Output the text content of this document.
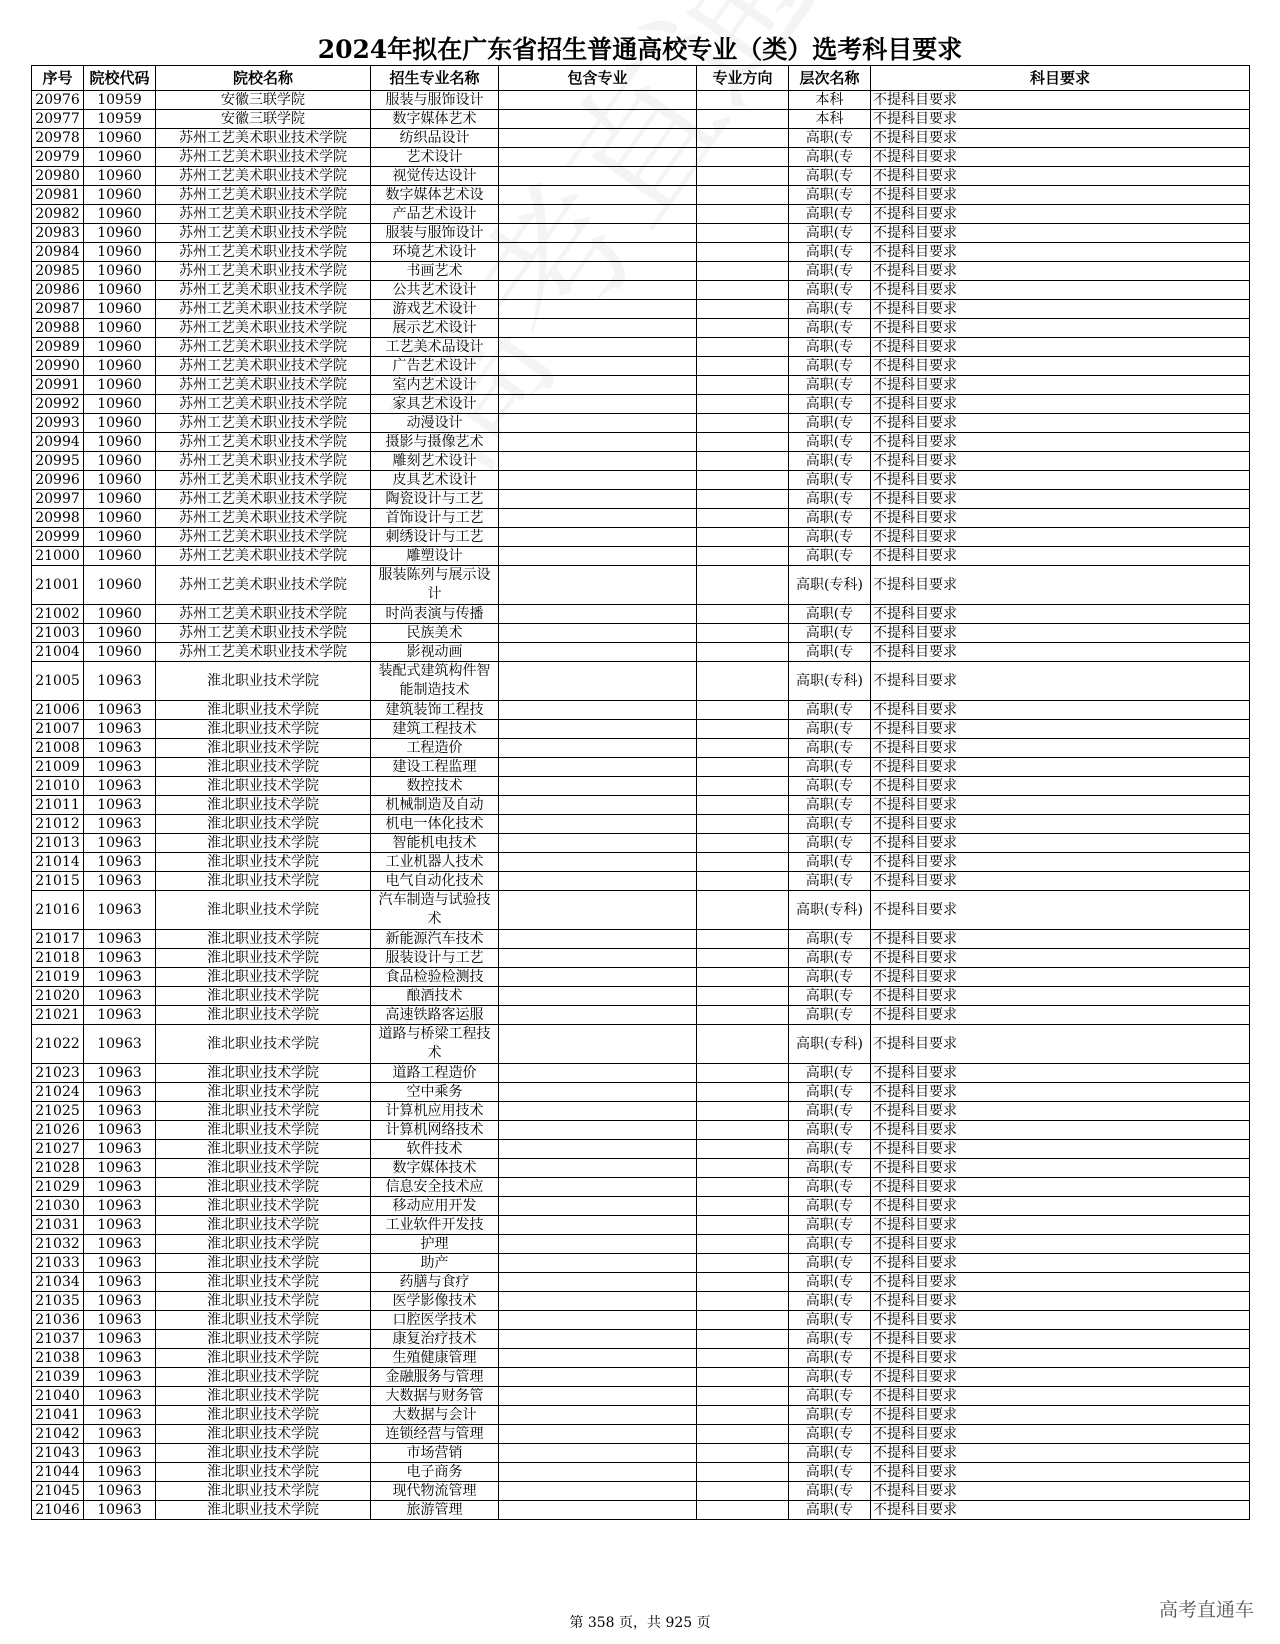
2024年拟在广东省招生普通高校专业（类）选考科目要求
序号	院校代码	院校名称	招生专业名称	包含专业	专业方向	层次名称	科目要求
20976	10959	安徽三联学院	服装与服饰设计			本科	不提科目要求
20977	10959	安徽三联学院	数字媒体艺术			本科	不提科目要求
20978	10960	苏州工艺美术职业技术学院	纺织品设计			高职(专	不提科目要求
20979	10960	苏州工艺美术职业技术学院	艺术设计			高职(专	不提科目要求
20980	10960	苏州工艺美术职业技术学院	视觉传达设计			高职(专	不提科目要求
20981	10960	苏州工艺美术职业技术学院	数字媒体艺术设			高职(专	不提科目要求
20982	10960	苏州工艺美术职业技术学院	产品艺术设计			高职(专	不提科目要求
20983	10960	苏州工艺美术职业技术学院	服装与服饰设计			高职(专	不提科目要求
20984	10960	苏州工艺美术职业技术学院	环境艺术设计			高职(专	不提科目要求
20985	10960	苏州工艺美术职业技术学院	书画艺术			高职(专	不提科目要求
20986	10960	苏州工艺美术职业技术学院	公共艺术设计			高职(专	不提科目要求
20987	10960	苏州工艺美术职业技术学院	游戏艺术设计			高职(专	不提科目要求
20988	10960	苏州工艺美术职业技术学院	展示艺术设计			高职(专	不提科目要求
20989	10960	苏州工艺美术职业技术学院	工艺美术品设计			高职(专	不提科目要求
20990	10960	苏州工艺美术职业技术学院	广告艺术设计			高职(专	不提科目要求
20991	10960	苏州工艺美术职业技术学院	室内艺术设计			高职(专	不提科目要求
20992	10960	苏州工艺美术职业技术学院	家具艺术设计			高职(专	不提科目要求
20993	10960	苏州工艺美术职业技术学院	动漫设计			高职(专	不提科目要求
20994	10960	苏州工艺美术职业技术学院	摄影与摄像艺术			高职(专	不提科目要求
20995	10960	苏州工艺美术职业技术学院	雕刻艺术设计			高职(专	不提科目要求
20996	10960	苏州工艺美术职业技术学院	皮具艺术设计			高职(专	不提科目要求
20997	10960	苏州工艺美术职业技术学院	陶瓷设计与工艺			高职(专	不提科目要求
20998	10960	苏州工艺美术职业技术学院	首饰设计与工艺			高职(专	不提科目要求
20999	10960	苏州工艺美术职业技术学院	刺绣设计与工艺			高职(专	不提科目要求
21000	10960	苏州工艺美术职业技术学院	雕塑设计			高职(专	不提科目要求
21001	10960	苏州工艺美术职业技术学院	服装陈列与展示设计			高职(专科)	不提科目要求
21002	10960	苏州工艺美术职业技术学院	时尚表演与传播			高职(专	不提科目要求
21003	10960	苏州工艺美术职业技术学院	民族美术			高职(专	不提科目要求
21004	10960	苏州工艺美术职业技术学院	影视动画			高职(专	不提科目要求
21005	10963	淮北职业技术学院	装配式建筑构件智能制造技术			高职(专科)	不提科目要求
21006	10963	淮北职业技术学院	建筑装饰工程技			高职(专	不提科目要求
21007	10963	淮北职业技术学院	建筑工程技术			高职(专	不提科目要求
21008	10963	淮北职业技术学院	工程造价			高职(专	不提科目要求
21009	10963	淮北职业技术学院	建设工程监理			高职(专	不提科目要求
21010	10963	淮北职业技术学院	数控技术			高职(专	不提科目要求
21011	10963	淮北职业技术学院	机械制造及自动			高职(专	不提科目要求
21012	10963	淮北职业技术学院	机电一体化技术			高职(专	不提科目要求
21013	10963	淮北职业技术学院	智能机电技术			高职(专	不提科目要求
21014	10963	淮北职业技术学院	工业机器人技术			高职(专	不提科目要求
21015	10963	淮北职业技术学院	电气自动化技术			高职(专	不提科目要求
21016	10963	淮北职业技术学院	汽车制造与试验技术			高职(专科)	不提科目要求
21017	10963	淮北职业技术学院	新能源汽车技术			高职(专	不提科目要求
21018	10963	淮北职业技术学院	服装设计与工艺			高职(专	不提科目要求
21019	10963	淮北职业技术学院	食品检验检测技			高职(专	不提科目要求
21020	10963	淮北职业技术学院	酿酒技术			高职(专	不提科目要求
21021	10963	淮北职业技术学院	高速铁路客运服			高职(专	不提科目要求
21022	10963	淮北职业技术学院	道路与桥梁工程技术			高职(专科)	不提科目要求
21023	10963	淮北职业技术学院	道路工程造价			高职(专	不提科目要求
21024	10963	淮北职业技术学院	空中乘务			高职(专	不提科目要求
21025	10963	淮北职业技术学院	计算机应用技术			高职(专	不提科目要求
21026	10963	淮北职业技术学院	计算机网络技术			高职(专	不提科目要求
21027	10963	淮北职业技术学院	软件技术			高职(专	不提科目要求
21028	10963	淮北职业技术学院	数字媒体技术			高职(专	不提科目要求
21029	10963	淮北职业技术学院	信息安全技术应			高职(专	不提科目要求
21030	10963	淮北职业技术学院	移动应用开发			高职(专	不提科目要求
21031	10963	淮北职业技术学院	工业软件开发技			高职(专	不提科目要求
21032	10963	淮北职业技术学院	护理			高职(专	不提科目要求
21033	10963	淮北职业技术学院	助产			高职(专	不提科目要求
21034	10963	淮北职业技术学院	药膳与食疗			高职(专	不提科目要求
21035	10963	淮北职业技术学院	医学影像技术			高职(专	不提科目要求
21036	10963	淮北职业技术学院	口腔医学技术			高职(专	不提科目要求
21037	10963	淮北职业技术学院	康复治疗技术			高职(专	不提科目要求
21038	10963	淮北职业技术学院	生殖健康管理			高职(专	不提科目要求
21039	10963	淮北职业技术学院	金融服务与管理			高职(专	不提科目要求
21040	10963	淮北职业技术学院	大数据与财务管			高职(专	不提科目要求
21041	10963	淮北职业技术学院	大数据与会计			高职(专	不提科目要求
21042	10963	淮北职业技术学院	连锁经营与管理			高职(专	不提科目要求
21043	10963	淮北职业技术学院	市场营销			高职(专	不提科目要求
21044	10963	淮北职业技术学院	电子商务			高职(专	不提科目要求
21045	10963	淮北职业技术学院	现代物流管理			高职(专	不提科目要求
21046	10963	淮北职业技术学院	旅游管理			高职(专	不提科目要求
第 358 页，共 925 页
高考直通车
